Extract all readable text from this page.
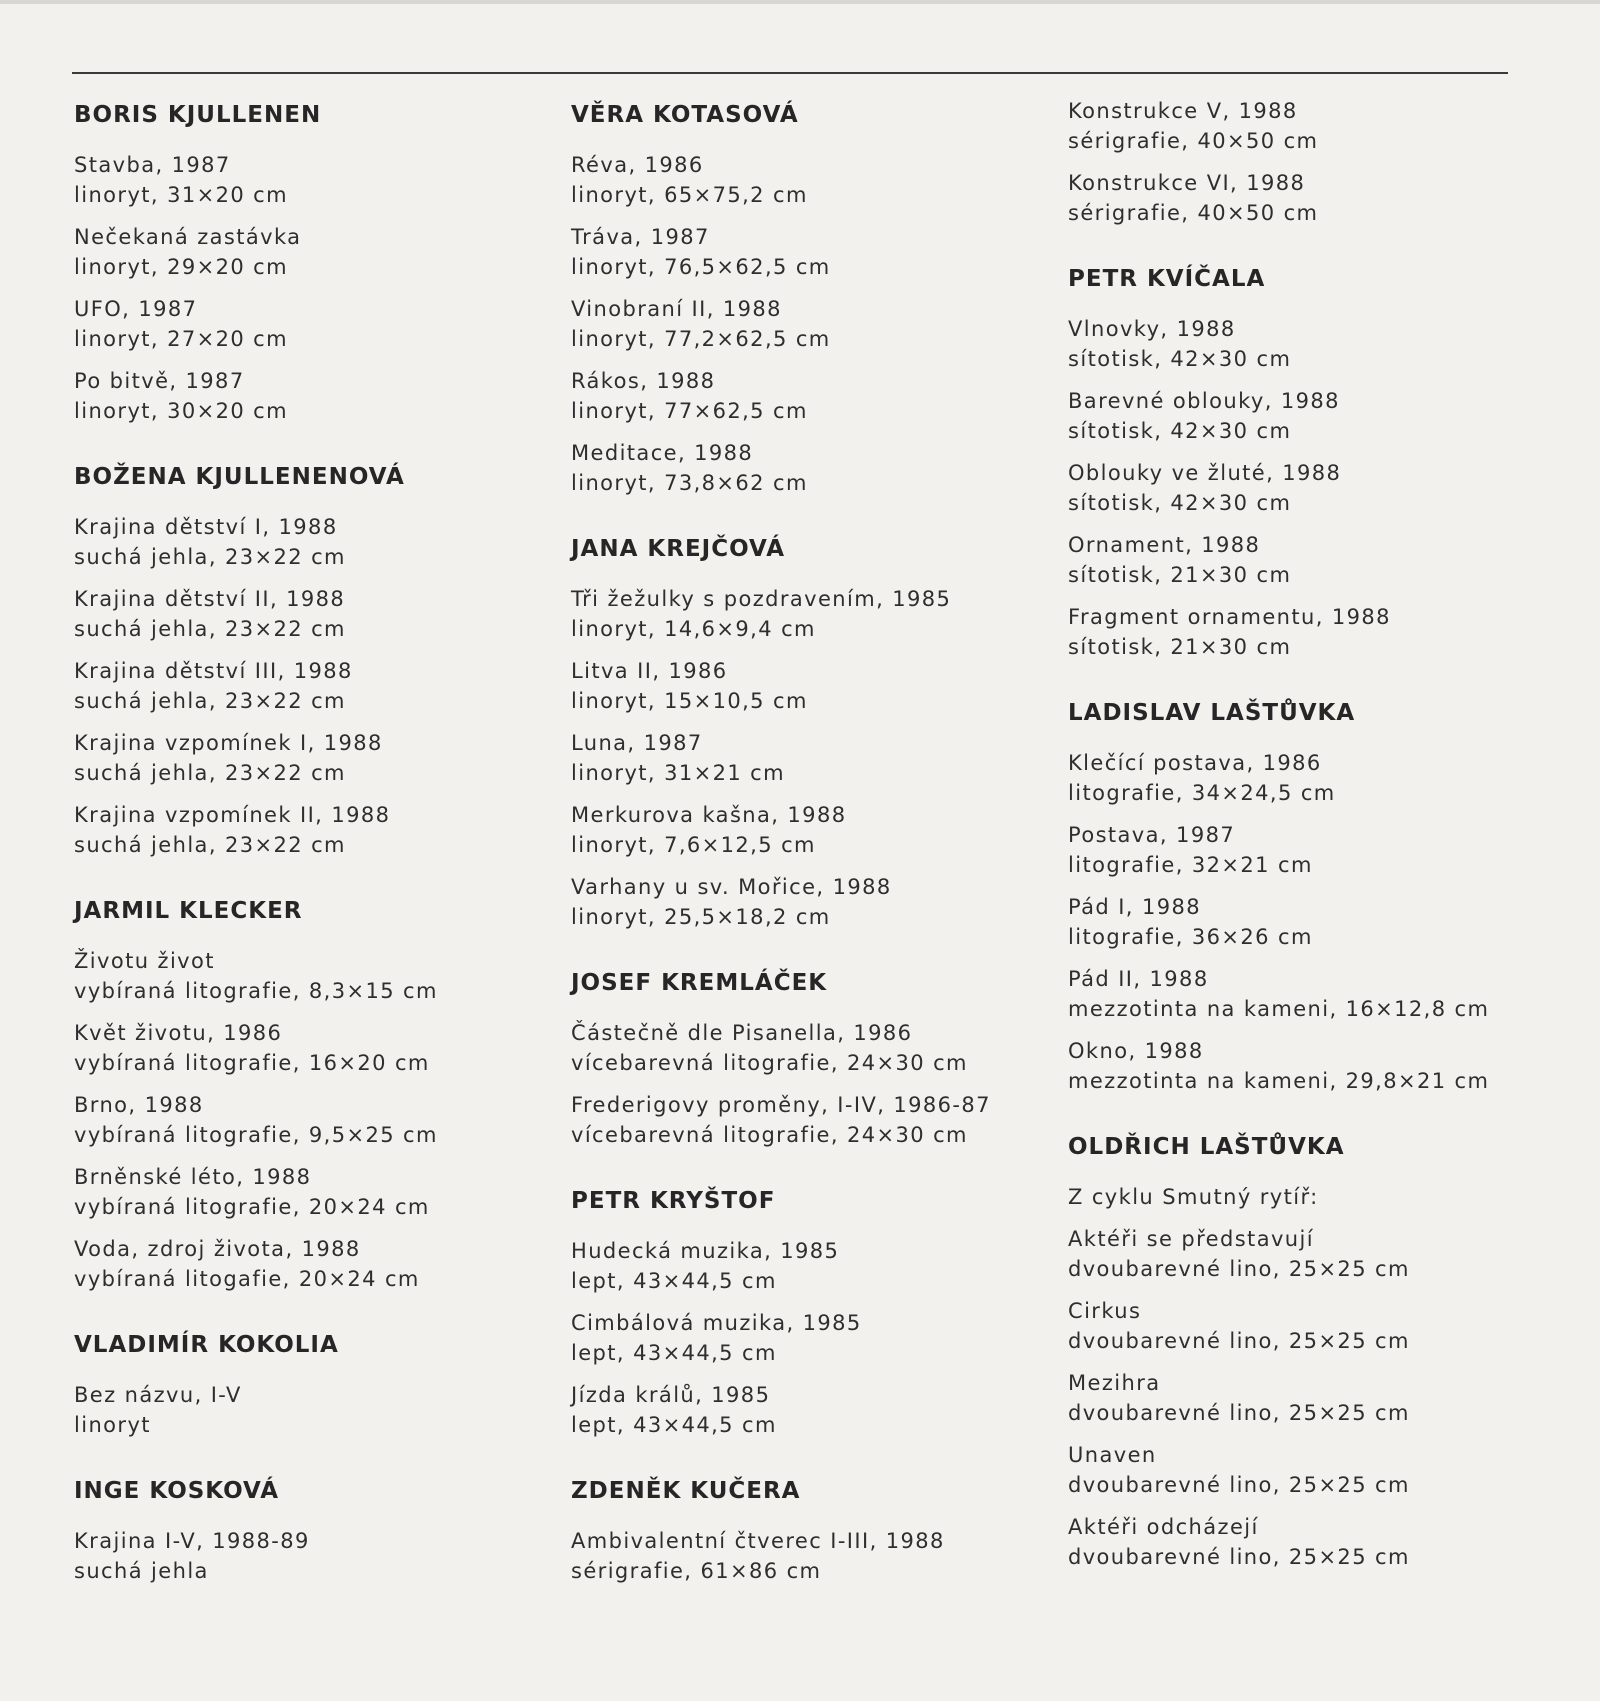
BORIS KJULLENEN
Stavba, 1987
linoryt, 31×20 cm
Nečekaná zastávka
linoryt, 29×20 cm
UFO, 1987
linoryt, 27×20 cm
Po bitvě, 1987
linoryt, 30×20 cm
BOŽENA KJULLENENOVÁ
Krajina dětství I, 1988
suchá jehla, 23×22 cm
Krajina dětství II, 1988
suchá jehla, 23×22 cm
Krajina dětství III, 1988
suchá jehla, 23×22 cm
Krajina vzpomínek I, 1988
suchá jehla, 23×22 cm
Krajina vzpomínek II, 1988
suchá jehla, 23×22 cm
JARMIL KLECKER
Životu život
vybíraná litografie, 8,3×15 cm
Květ životu, 1986
vybíraná litografie, 16×20 cm
Brno, 1988
vybíraná litografie, 9,5×25 cm
Brněnské léto, 1988
vybíraná litografie, 20×24 cm
Voda, zdroj života, 1988
vybíraná litogafie, 20×24 cm
VLADIMÍR KOKOLIA
Bez názvu, I-V
linoryt
INGE KOSKOVÁ
Krajina I-V, 1988-89
suchá jehla
VĚRA KOTASOVÁ
Réva, 1986
linoryt, 65×75,2 cm
Tráva, 1987
linoryt, 76,5×62,5 cm
Vinobraní II, 1988
linoryt, 77,2×62,5 cm
Rákos, 1988
linoryt, 77×62,5 cm
Meditace, 1988
linoryt, 73,8×62 cm
JANA KREJČOVÁ
Tři žežulky s pozdravením, 1985
linoryt, 14,6×9,4 cm
Litva II, 1986
linoryt, 15×10,5 cm
Luna, 1987
linoryt, 31×21 cm
Merkurova kašna, 1988
linoryt, 7,6×12,5 cm
Varhany u sv. Mořice, 1988
linoryt, 25,5×18,2 cm
JOSEF KREMLÁČEK
Částečně dle Pisanella, 1986
vícebarevná litografie, 24×30 cm
Frederigovy proměny, I-IV, 1986-87
vícebarevná litografie, 24×30 cm
PETR KRYŠTOF
Hudecká muzika, 1985
lept, 43×44,5 cm
Cimbálová muzika, 1985
lept, 43×44,5 cm
Jízda králů, 1985
lept, 43×44,5 cm
ZDENĚK KUČERA
Ambivalentní čtverec I-III, 1988
sérigrafie, 61×86 cm
Konstrukce V, 1988
sérigrafie, 40×50 cm
Konstrukce VI, 1988
sérigrafie, 40×50 cm
PETR KVÍČALA
Vlnovky, 1988
sítotisk, 42×30 cm
Barevné oblouky, 1988
sítotisk, 42×30 cm
Oblouky ve žluté, 1988
sítotisk, 42×30 cm
Ornament, 1988
sítotisk, 21×30 cm
Fragment ornamentu, 1988
sítotisk, 21×30 cm
LADISLAV LAŠTŮVKA
Klečící postava, 1986
litografie, 34×24,5 cm
Postava, 1987
litografie, 32×21 cm
Pád I, 1988
litografie, 36×26 cm
Pád II, 1988
mezzotinta na kameni, 16×12,8 cm
Okno, 1988
mezzotinta na kameni, 29,8×21 cm
OLDŘICH LAŠTŮVKA
Z cyklu Smutný rytíř:
Aktéři se představují
dvoubarevné lino, 25×25 cm
Cirkus
dvoubarevné lino, 25×25 cm
Mezihra
dvoubarevné lino, 25×25 cm
Unaven
dvoubarevné lino, 25×25 cm
Aktéři odcházejí
dvoubarevné lino, 25×25 cm
